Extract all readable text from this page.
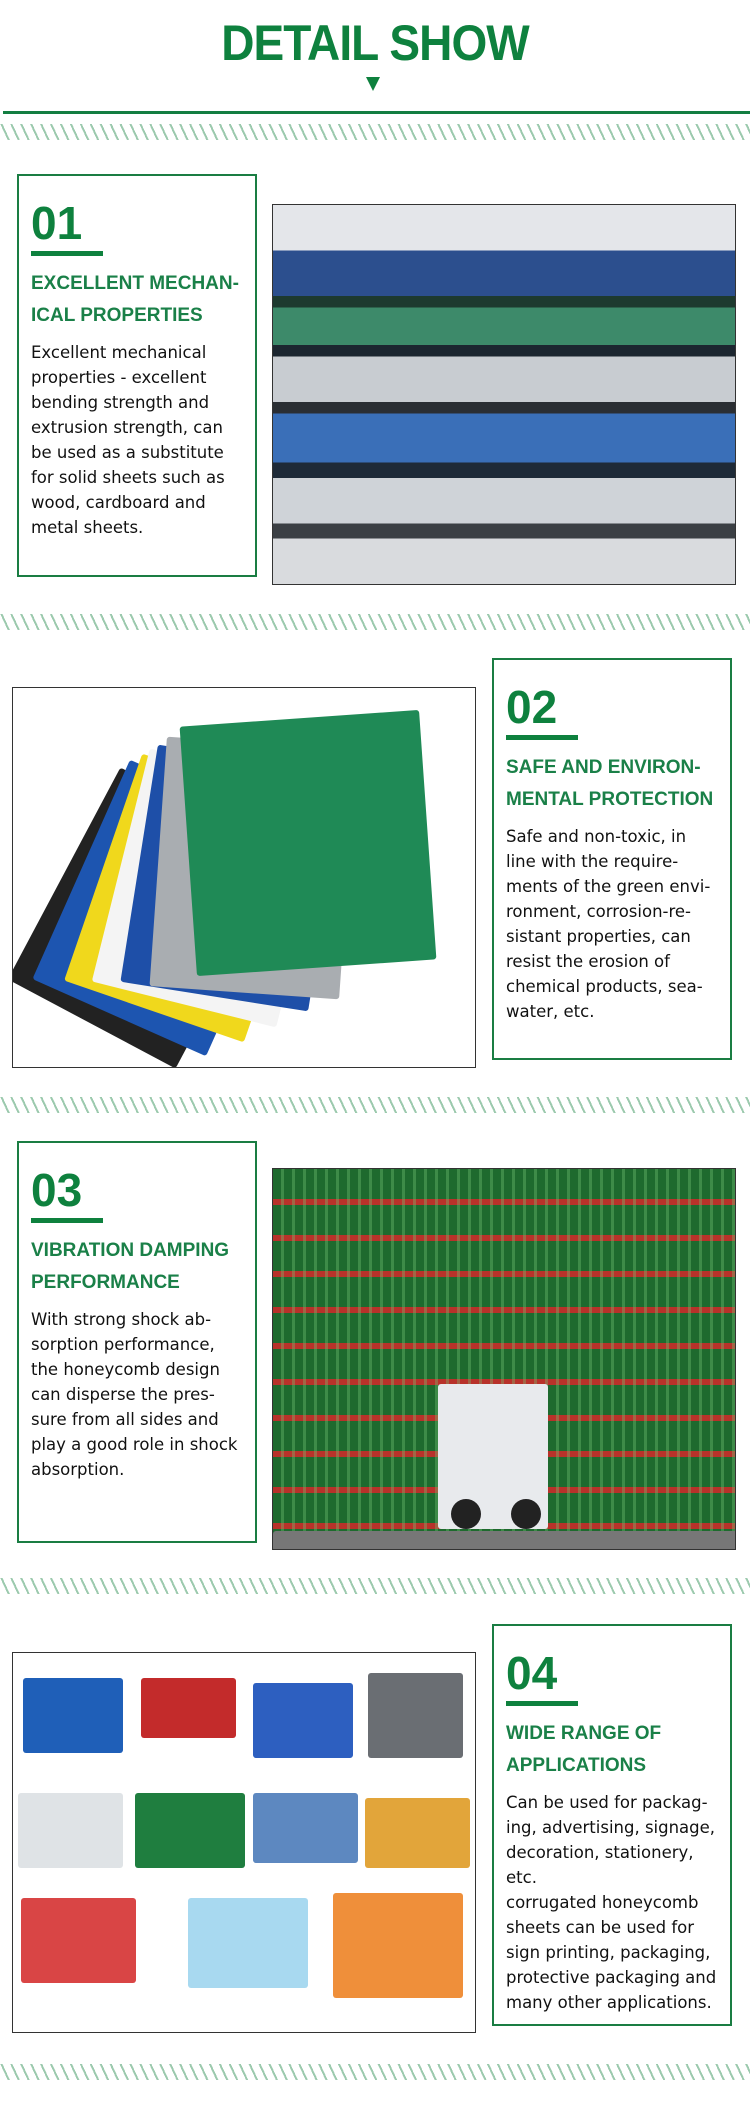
DETAIL SHOW
01
EXCELLENT MECHAN-
ICAL PROPERTIES
Excellent mechanical
properties - excellent
bending strength and
extrusion strength, can
be used as a substitute
for solid sheets such as
wood, cardboard and
metal sheets.
02
SAFE AND ENVIRON-
MENTAL PROTECTION
Safe and non-toxic, in
line with the require-
ments of the green envi-
ronment, corrosion-re-
sistant properties, can
resist the erosion of
chemical products, sea-
water, etc.
03
VIBRATION DAMPING
PERFORMANCE
With strong shock ab-
sorption performance,
the honeycomb design
can disperse the pres-
sure from all sides and
play a good role in shock
absorption.
04
WIDE RANGE OF
APPLICATIONS
Can be used for packag-
ing, advertising, signage,
decoration, stationery,
etc.
corrugated honeycomb
sheets can be used for
sign printing, packaging,
protective packaging and
many other applications.
